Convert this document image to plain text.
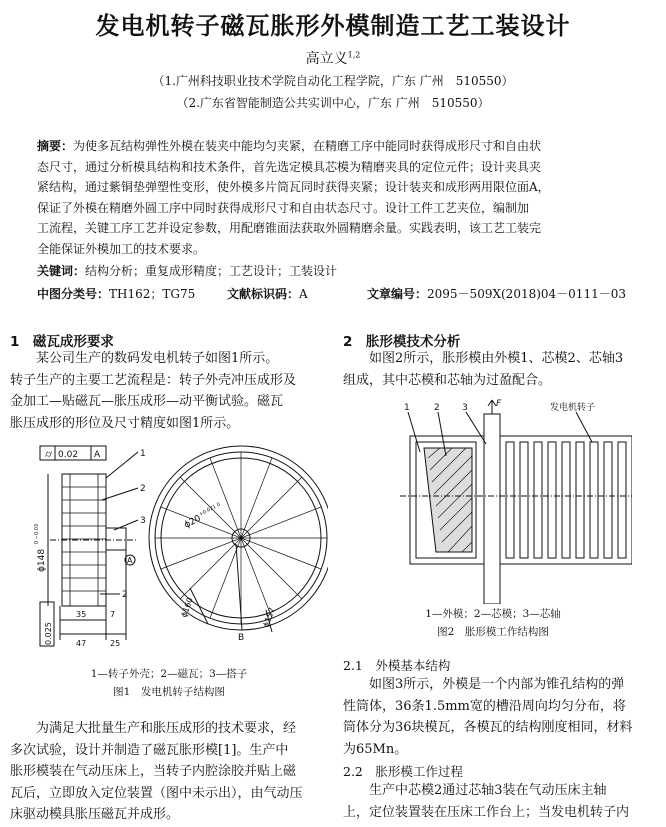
发电机转子磁瓦胀形外模制造工艺工装设计
高立义$^{1,2}$
（1.广州科技职业技术学院自动化工程学院，广东 广州　510550）
（2.广东省智能制造公共实训中心，广东 广州　510550）
摘要：为使多瓦结构弹性外模在装夹中能均匀夹紧，在精磨工序中能同时获得成形尺寸和自由状
态尺寸，通过分析模具结构和技术条件，首先选定模具芯模为精磨夹具的定位元件；设计夹具夹
紧结构，通过紫铜垫弹塑性变形，使外模多片筒瓦同时获得夹紧；设计装夹和成形两用限位面A，
保证了外模在精磨外圆工序中同时获得成形尺寸和自由状态尺寸。设计工件工艺夹位，编制加
工流程，关键工序工艺并设定参数，用配磨锥面法获取外圆精磨余量。实践表明，该工艺工装完
全能保证外模加工的技术要求。
关键词：结构分析；重复成形精度；工艺设计；工装设计
中图分类号：TH162；TG75	文献标识码：A	文章编号：2095－509X(2018)04－0111－03
1　磁瓦成形要求
某公司生产的数码发电机转子如图1所示。
转子生产的主要工艺流程是：转子外壳冲压成形及
金加工—贴磁瓦—胀压成形—动平衡试验。磁瓦
胀压成形的形位及尺寸精度如图1所示。
⌭ 0.02 A	1
2
3
2
A
ϕ148
0 −0.03
0.025
35	7
47	25
ϕ20
+0.021 0
ϕ160	ϕ157
B
1—转子外壳；2—磁瓦；3—搭子
图1　发电机转子结构图
为满足大批量生产和胀压成形的技术要求，经
多次试验，设计并制造了磁瓦胀形模[1]。生产中
胀形模装在气动压床上，当转子内腔涂胶并贴上磁
瓦后，立即放入定位装置（图中未示出），由气动压
床驱动模具胀压磁瓦并成形。
2　胀形模技术分析
如图2所示，胀形模由外模1、芯模2、芯轴3
组成，其中芯模和芯轴为过盈配合。
1	2 3	F	发电机转子
1—外模；2—芯模；3—芯轴
图2　胀形模工作结构图
2.1　外模基本结构
如图3所示，外模是一个内部为锥孔结构的弹
性筒体，36条1.5mm宽的槽沿周向均匀分布，将
筒体分为36块模瓦，各模瓦的结构刚度相同，材料
为65Mn。
2.2　胀形模工作过程
生产中芯模2通过芯轴3装在气动压床主轴
上，定位装置装在压床工作台上；当发电机转子内
